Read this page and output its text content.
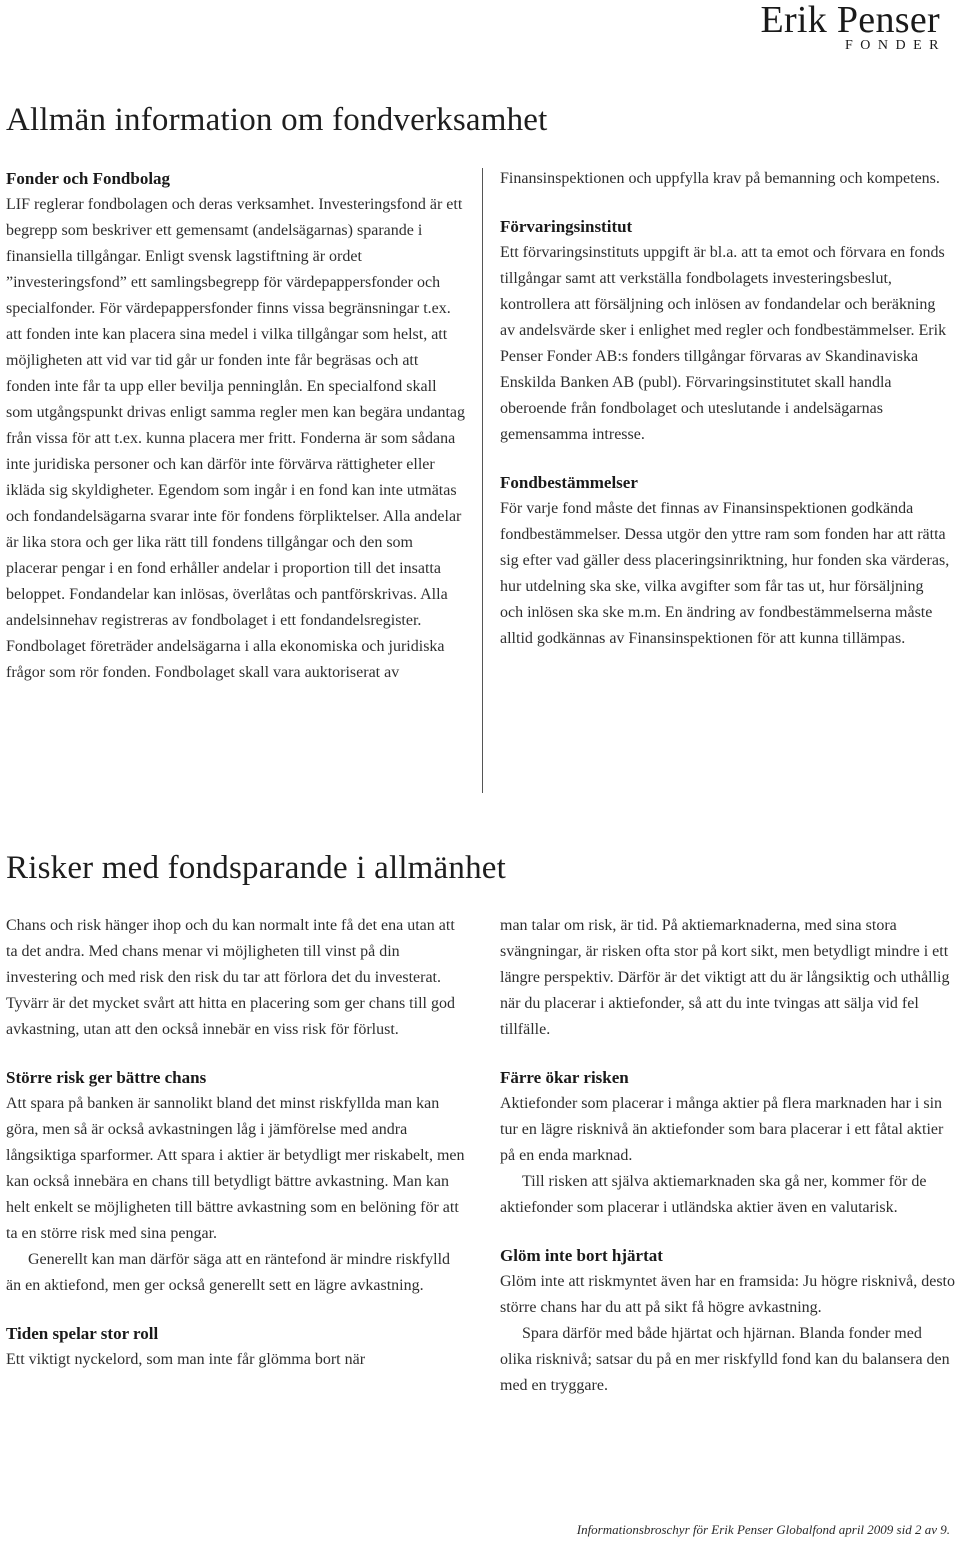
Erik Penser
FONDER
Allmän information om fondverksamhet
Fonder och Fondbolag

LIF reglerar fondbolagen och deras verksamhet. Investeringsfond är ett begrepp som beskriver ett gemensamt (andelsägarnas) sparande i finansiella tillgångar. Enligt svensk lagstiftning är ordet ”investeringsfond” ett samlingsbegrepp för värdepappersfonder och specialfonder. För värdepappersfonder finns vissa begränsningar t.ex. att fonden inte kan placera sina medel i vilka tillgångar som helst, att möjligheten att vid var tid går ur fonden inte får begräsas och att fonden inte får ta upp eller bevilja penninglån. En specialfond skall som utgångspunkt drivas enligt samma regler men kan begära undantag från vissa för att t.ex. kunna placera mer fritt. Fonderna är som sådana inte juridiska personer och kan därför inte förvärva rättigheter eller ikläda sig skyldigheter. Egendom som ingår i en fond kan inte utmätas och fondandelsägarna svarar inte för fondens förpliktelser. Alla andelar är lika stora och ger lika rätt till fondens tillgångar och den som placerar pengar i en fond erhåller andelar i proportion till det insatta beloppet. Fondandelar kan inlösas, överlåtas och pantförskrivas. Alla andelsinnehav registreras av fondbolaget i ett fondandelsregister. Fondbolaget företräder andelsägarna i alla ekonomiska och juridiska frågor som rör fonden. Fondbolaget skall vara auktoriserat av

Finansinspektionen och uppfylla krav på bemanning och kompetens.

Förvaringsinstitut

Ett förvaringsinstituts uppgift är bl.a. att ta emot och förvara en fonds tillgångar samt att verkställa fondbolagets investeringsbeslut, kontrollera att försäljning och inlösen av fondandelar och beräkning av andelsvärde sker i enlighet med regler och fondbestämmelser. Erik Penser Fonder AB:s fonders tillgångar förvaras av Skandinaviska Enskilda Banken AB (publ). Förvaringsinstitutet skall handla oberoende från fondbolaget och uteslutande i andelsägarnas gemensamma intresse.

Fondbestämmelser

För varje fond måste det finnas av Finansinspektionen godkända fondbestämmelser. Dessa utgör den yttre ram som fonden har att rätta sig efter vad gäller dess placeringsinriktning, hur fonden ska värderas, hur utdelning ska ske, vilka avgifter som får tas ut, hur försäljning och inlösen ska ske m.m. En ändring av fondbestämmelserna måste alltid godkännas av Finansinspektionen för att kunna tillämpas.

Risker med fondsparande i allmänhet

Chans och risk hänger ihop och du kan normalt inte få det ena utan att ta det andra. Med chans menar vi möjligheten till vinst på din investering och med risk den risk du tar att förlora det du investerat. Tyvärr är det mycket svårt att hitta en placering som ger chans till god avkastning, utan att den också innebär en viss risk för förlust.

Större risk ger bättre chans

Att spara på banken är sannolikt bland det minst riskfyllda man kan göra, men så är också avkastningen låg i jämförelse med andra långsiktiga sparformer. Att spara i aktier är betydligt mer riskabelt, men kan också innebära en chans till betydligt bättre avkastning. Man kan helt enkelt se möjligheten till bättre avkastning som en belöning för att ta en större risk med sina pengar.

Generellt kan man därför säga att en räntefond är mindre riskfylld än en aktiefond, men ger också generellt sett en lägre avkastning.

Tiden spelar stor roll

Ett viktigt nyckelord, som man inte får glömma bort när

man talar om risk, är tid. På aktiemarknaderna, med sina stora svängningar, är risken ofta stor på kort sikt, men betydligt mindre i ett längre perspektiv. Därför är det viktigt att du är långsiktig och uthållig när du placerar i aktiefonder, så att du inte tvingas att sälja vid fel tillfälle.

Färre ökar risken

Aktiefonder som placerar i många aktier på flera marknaden har i sin tur en lägre risknivå än aktiefonder som bara placerar i ett fåtal aktier på en enda marknad.

Till risken att själva aktiemarknaden ska gå ner, kommer för de aktiefonder som placerar i utländska aktier även en valutarisk.

Glöm inte bort hjärtat

Glöm inte att riskmyntet även har en framsida: Ju högre risknivå, desto större chans har du att på sikt få högre avkastning.

Spara därför med både hjärtat och hjärnan. Blanda fonder med olika risknivå; satsar du på en mer riskfylld fond kan du balansera den med en tryggare.

Informationsbroschyr för Erik Penser Globalfond april 2009 sid 2 av 9.
